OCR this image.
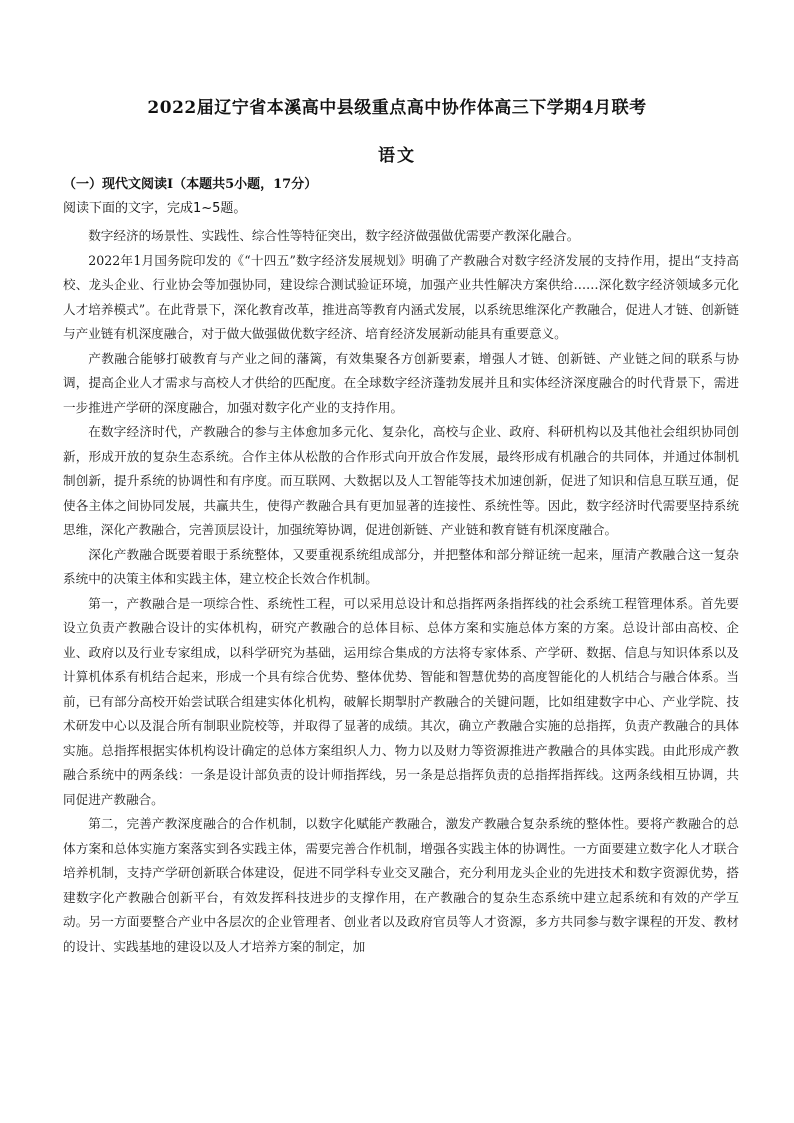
2022届辽宁省本溪高中县级重点高中协作体高三下学期4月联考
语文
（一）现代文阅读Ⅰ（本题共5小题，17分）
阅读下面的文字，完成1~5题。

数字经济的场景性、实践性、综合性等特征突出，数字经济做强做优需要产教深化融合。

2022年1月国务院印发的《“十四五”数字经济发展规划》明确了产教融合对数字经济发展的支持作用，提出“支持高校、龙头企业、行业协会等加强协同，建设综合测试验证环境，加强产业共性解决方案供给……深化数字经济领域多元化人才培养模式”。在此背景下，深化教育改革，推进高等教育内涵式发展，以系统思维深化产教融合，促进人才链、创新链与产业链有机深度融合，对于做大做强做优数字经济、培育经济发展新动能具有重要意义。

产教融合能够打破教育与产业之间的藩篱，有效集聚各方创新要素，增强人才链、创新链、产业链之间的联系与协调，提高企业人才需求与高校人才供给的匹配度。在全球数字经济蓬勃发展并且和实体经济深度融合的时代背景下，需进一步推进产学研的深度融合，加强对数字化产业的支持作用。

在数字经济时代，产教融合的参与主体愈加多元化、复杂化，高校与企业、政府、科研机构以及其他社会组织协同创新，形成开放的复杂生态系统。合作主体从松散的合作形式向开放合作发展，最终形成有机融合的共同体，并通过体制机制创新，提升系统的协调性和有序度。而互联网、大数据以及人工智能等技术加速创新，促进了知识和信息互联互通，促使各主体之间协同发展，共赢共生，使得产教融合具有更加显著的连接性、系统性等。因此，数字经济时代需要坚持系统思维，深化产教融合，完善顶层设计，加强统筹协调，促进创新链、产业链和教育链有机深度融合。

深化产教融合既要着眼于系统整体，又要重视系统组成部分，并把整体和部分辩证统一起来，厘清产教融合这一复杂系统中的决策主体和实践主体，建立校企长效合作机制。

第一，产教融合是一项综合性、系统性工程，可以采用总设计和总指挥两条指挥线的社会系统工程管理体系。首先要设立负责产教融合设计的实体机构，研究产教融合的总体目标、总体方案和实施总体方案的方案。总设计部由高校、企业、政府以及行业专家组成，以科学研究为基础，运用综合集成的方法将专家体系、产学研、数据、信息与知识体系以及计算机体系有机结合起来，形成一个具有综合优势、整体优势、智能和智慧优势的高度智能化的人机结合与融合体系。当前，已有部分高校开始尝试联合组建实体化机构，破解长期掣肘产教融合的关键问题，比如组建数字中心、产业学院、技术研发中心以及混合所有制职业院校等，并取得了显著的成绩。其次，确立产教融合实施的总指挥，负责产教融合的具体实施。总指挥根据实体机构设计确定的总体方案组织人力、物力以及财力等资源推进产教融合的具体实践。由此形成产教融合系统中的两条线：一条是设计部负责的设计师指挥线，另一条是总指挥负责的总指挥指挥线。这两条线相互协调，共同促进产教融合。

第二，完善产教深度融合的合作机制，以数字化赋能产教融合，激发产教融合复杂系统的整体性。要将产教融合的总体方案和总体实施方案落实到各实践主体，需要完善合作机制，增强各实践主体的协调性。一方面要建立数字化人才联合培养机制，支持产学研创新联合体建设，促进不同学科专业交叉融合，充分利用龙头企业的先进技术和数字资源优势，搭建数字化产教融合创新平台，有效发挥科技进步的支撑作用，在产教融合的复杂生态系统中建立起系统和有效的产学互动。另一方面要整合产业中各层次的企业管理者、创业者以及政府官员等人才资源，多方共同参与数字课程的开发、教材的设计、实践基地的建设以及人才培养方案的制定，加
